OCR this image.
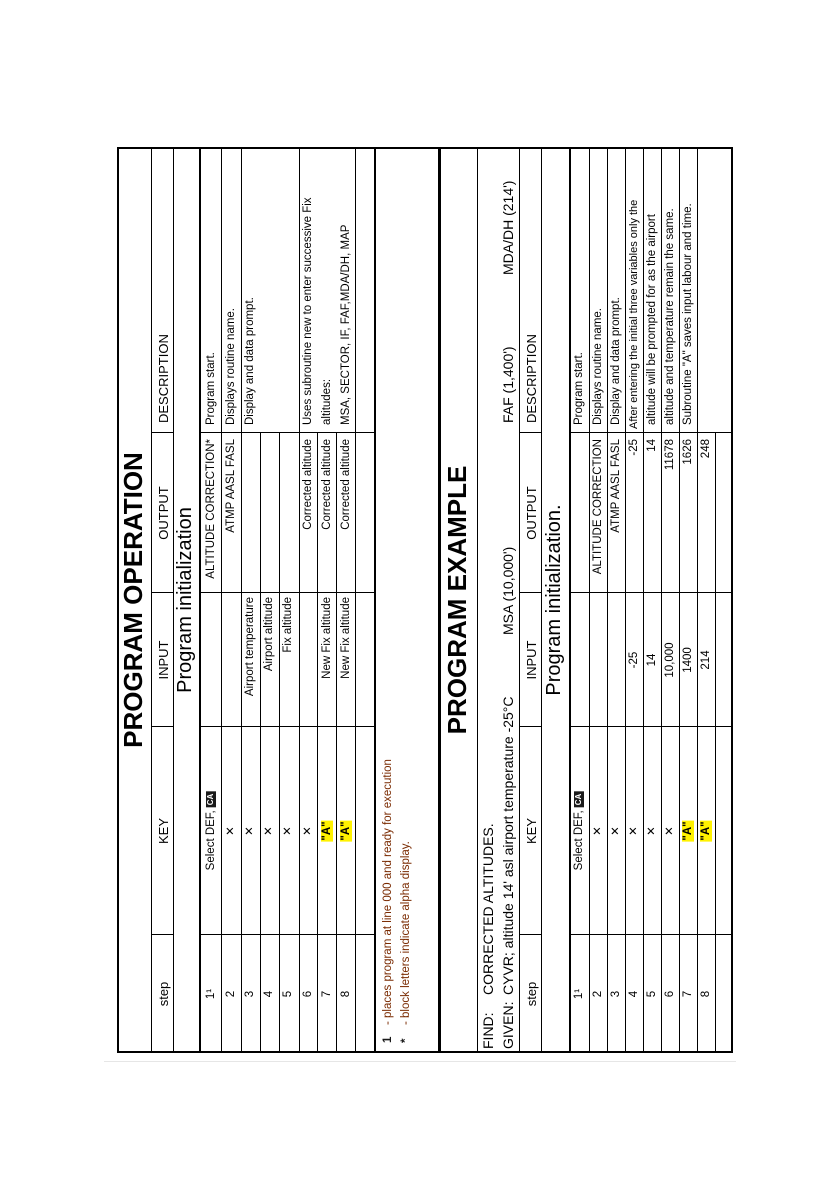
PROGRAM OPERATION
step
KEY
INPUT
OUTPUT
DESCRIPTION
Program initialization
1¹
Select DEF,CA
ALTITUDE CORRECTION*
Program start.
2
✕
ATMP AASL FASL
Displays routine name.
3
✕
Airport temperature
Display and data prompt.
4
✕
Airport altitude
5
✕
Fix altitude
6
✕
Corrected altitude
Uses subroutine new to enter successive Fix
7
"A"
New Fix altitude
Corrected altitude
altitudes:
8
"A"
New Fix altitude
Corrected altitude
MSA, SECTOR, IF, FAF,MDA/DH, MAP
1
- places program at line 000 and ready for execution
*
- block letters indicate alpha display.
PROGRAM EXAMPLE
FIND:
CORRECTED ALTITUDES.
GIVEN:
CYVR; altitude 14' asl airport temperature -25°C
MSA (10,000')
FAF (1,400')
MDA/DH (214')
step
KEY
INPUT
OUTPUT
DESCRIPTION
Program initialization.
1¹
Select DEF,CA
Program start.
2
✕
ALTITUDE CORRECTION
Displays routine name.
3
✕
ATMP AASL FASL
Display and data prompt.
4
✕
-25
-25
After entering the initial three variables only the
5
✕
14
14
altitude will be prompted for as the airport
6
✕
10,000
11678
altitude and temperature remain the same.
7
"A"
1400
1626
Subroutine "A" saves input labour and time.
8
"A"
214
248
